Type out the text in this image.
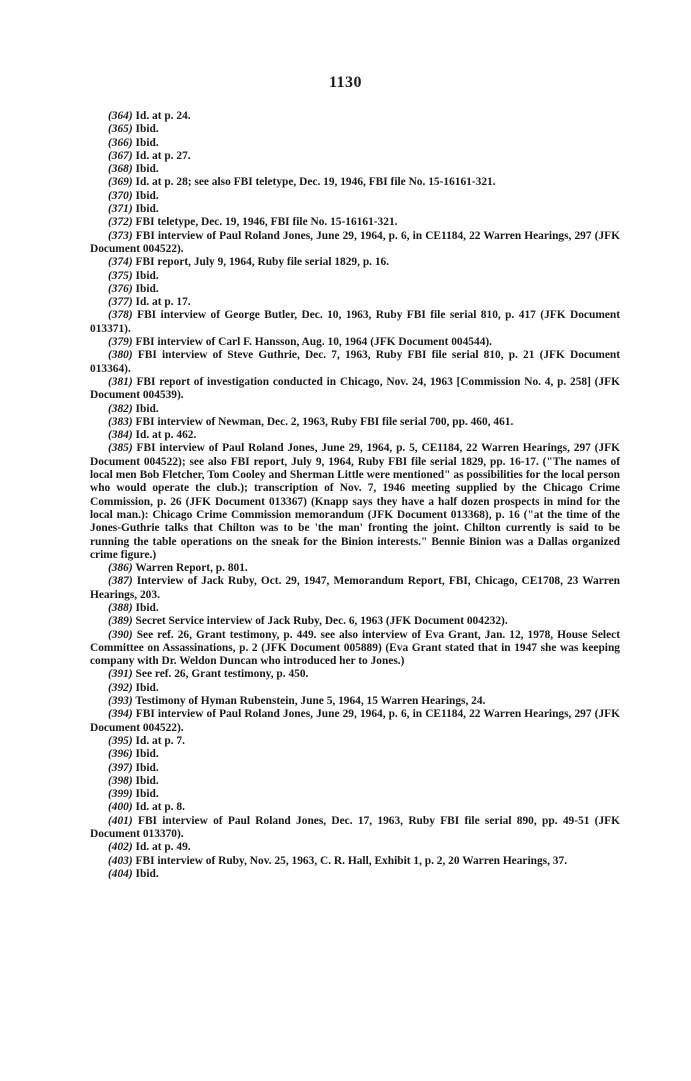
1130

(364) Id. at p. 24.

(365) Ibid.

(366) Ibid.

(367) Id. at p. 27.

(368) Ibid.

(369) Id. at p. 28; see also FBI teletype, Dec. 19, 1946, FBI file No. 15-16161-321.

(370) Ibid.

(371) Ibid.

(372) FBI teletype, Dec. 19, 1946, FBI file No. 15-16161-321.

(373) FBI interview of Paul Roland Jones, June 29, 1964, p. 6, in CE1184, 22 Warren Hearings, 297 (JFK Document 004522).

(374) FBI report, July 9, 1964, Ruby file serial 1829, p. 16.

(375) Ibid.

(376) Ibid.

(377) Id. at p. 17.

(378) FBI interview of George Butler, Dec. 10, 1963, Ruby FBI file serial 810, p. 417 (JFK Document 013371).

(379) FBI interview of Carl F. Hansson, Aug. 10, 1964 (JFK Document 004544).

(380) FBI interview of Steve Guthrie, Dec. 7, 1963, Ruby FBI file serial 810, p. 21 (JFK Document 013364).

(381) FBI report of investigation conducted in Chicago, Nov. 24, 1963 [Commission No. 4, p. 258] (JFK Document 004539).

(382) Ibid.

(383) FBI interview of Newman, Dec. 2, 1963, Ruby FBI file serial 700, pp. 460, 461.

(384) Id. at p. 462.

(385) FBI interview of Paul Roland Jones, June 29, 1964, p. 5, CE1184, 22 Warren Hearings, 297 (JFK Document 004522); see also FBI report, July 9, 1964, Ruby FBI file serial 1829, pp. 16-17. ("The names of local men Bob Fletcher, Tom Cooley and Sherman Little were mentioned" as possibilities for the local person who would operate the club.); transcription of Nov. 7, 1946 meeting supplied by the Chicago Crime Commission, p. 26 (JFK Document 013367) (Knapp says they have a half dozen prospects in mind for the local man.): Chicago Crime Commission memorandum (JFK Document 013368), p. 16 ("at the time of the Jones-Guthrie talks that Chilton was to be 'the man' fronting the joint. Chilton currently is said to be running the table operations on the sneak for the Binion interests." Bennie Binion was a Dallas organized crime figure.)

(386) Warren Report, p. 801.

(387) Interview of Jack Ruby, Oct. 29, 1947, Memorandum Report, FBI, Chicago, CE1708, 23 Warren Hearings, 203.

(388) Ibid.

(389) Secret Service interview of Jack Ruby, Dec. 6, 1963 (JFK Document 004232).

(390) See ref. 26, Grant testimony, p. 449. see also interview of Eva Grant, Jan. 12, 1978, House Select Committee on Assassinations, p. 2 (JFK Document 005889) (Eva Grant stated that in 1947 she was keeping company with Dr. Weldon Duncan who introduced her to Jones.)

(391) See ref. 26, Grant testimony, p. 450.

(392) Ibid.

(393) Testimony of Hyman Rubenstein, June 5, 1964, 15 Warren Hearings, 24.

(394) FBI interview of Paul Roland Jones, June 29, 1964, p. 6, in CE1184, 22 Warren Hearings, 297 (JFK Document 004522).

(395) Id. at p. 7.

(396) Ibid.

(397) Ibid.

(398) Ibid.

(399) Ibid.

(400) Id. at p. 8.

(401) FBI interview of Paul Roland Jones, Dec. 17, 1963, Ruby FBI file serial 890, pp. 49-51 (JFK Document 013370).

(402) Id. at p. 49.

(403) FBI interview of Ruby, Nov. 25, 1963, C. R. Hall, Exhibit 1, p. 2, 20 Warren Hearings, 37.

(404) Ibid.
